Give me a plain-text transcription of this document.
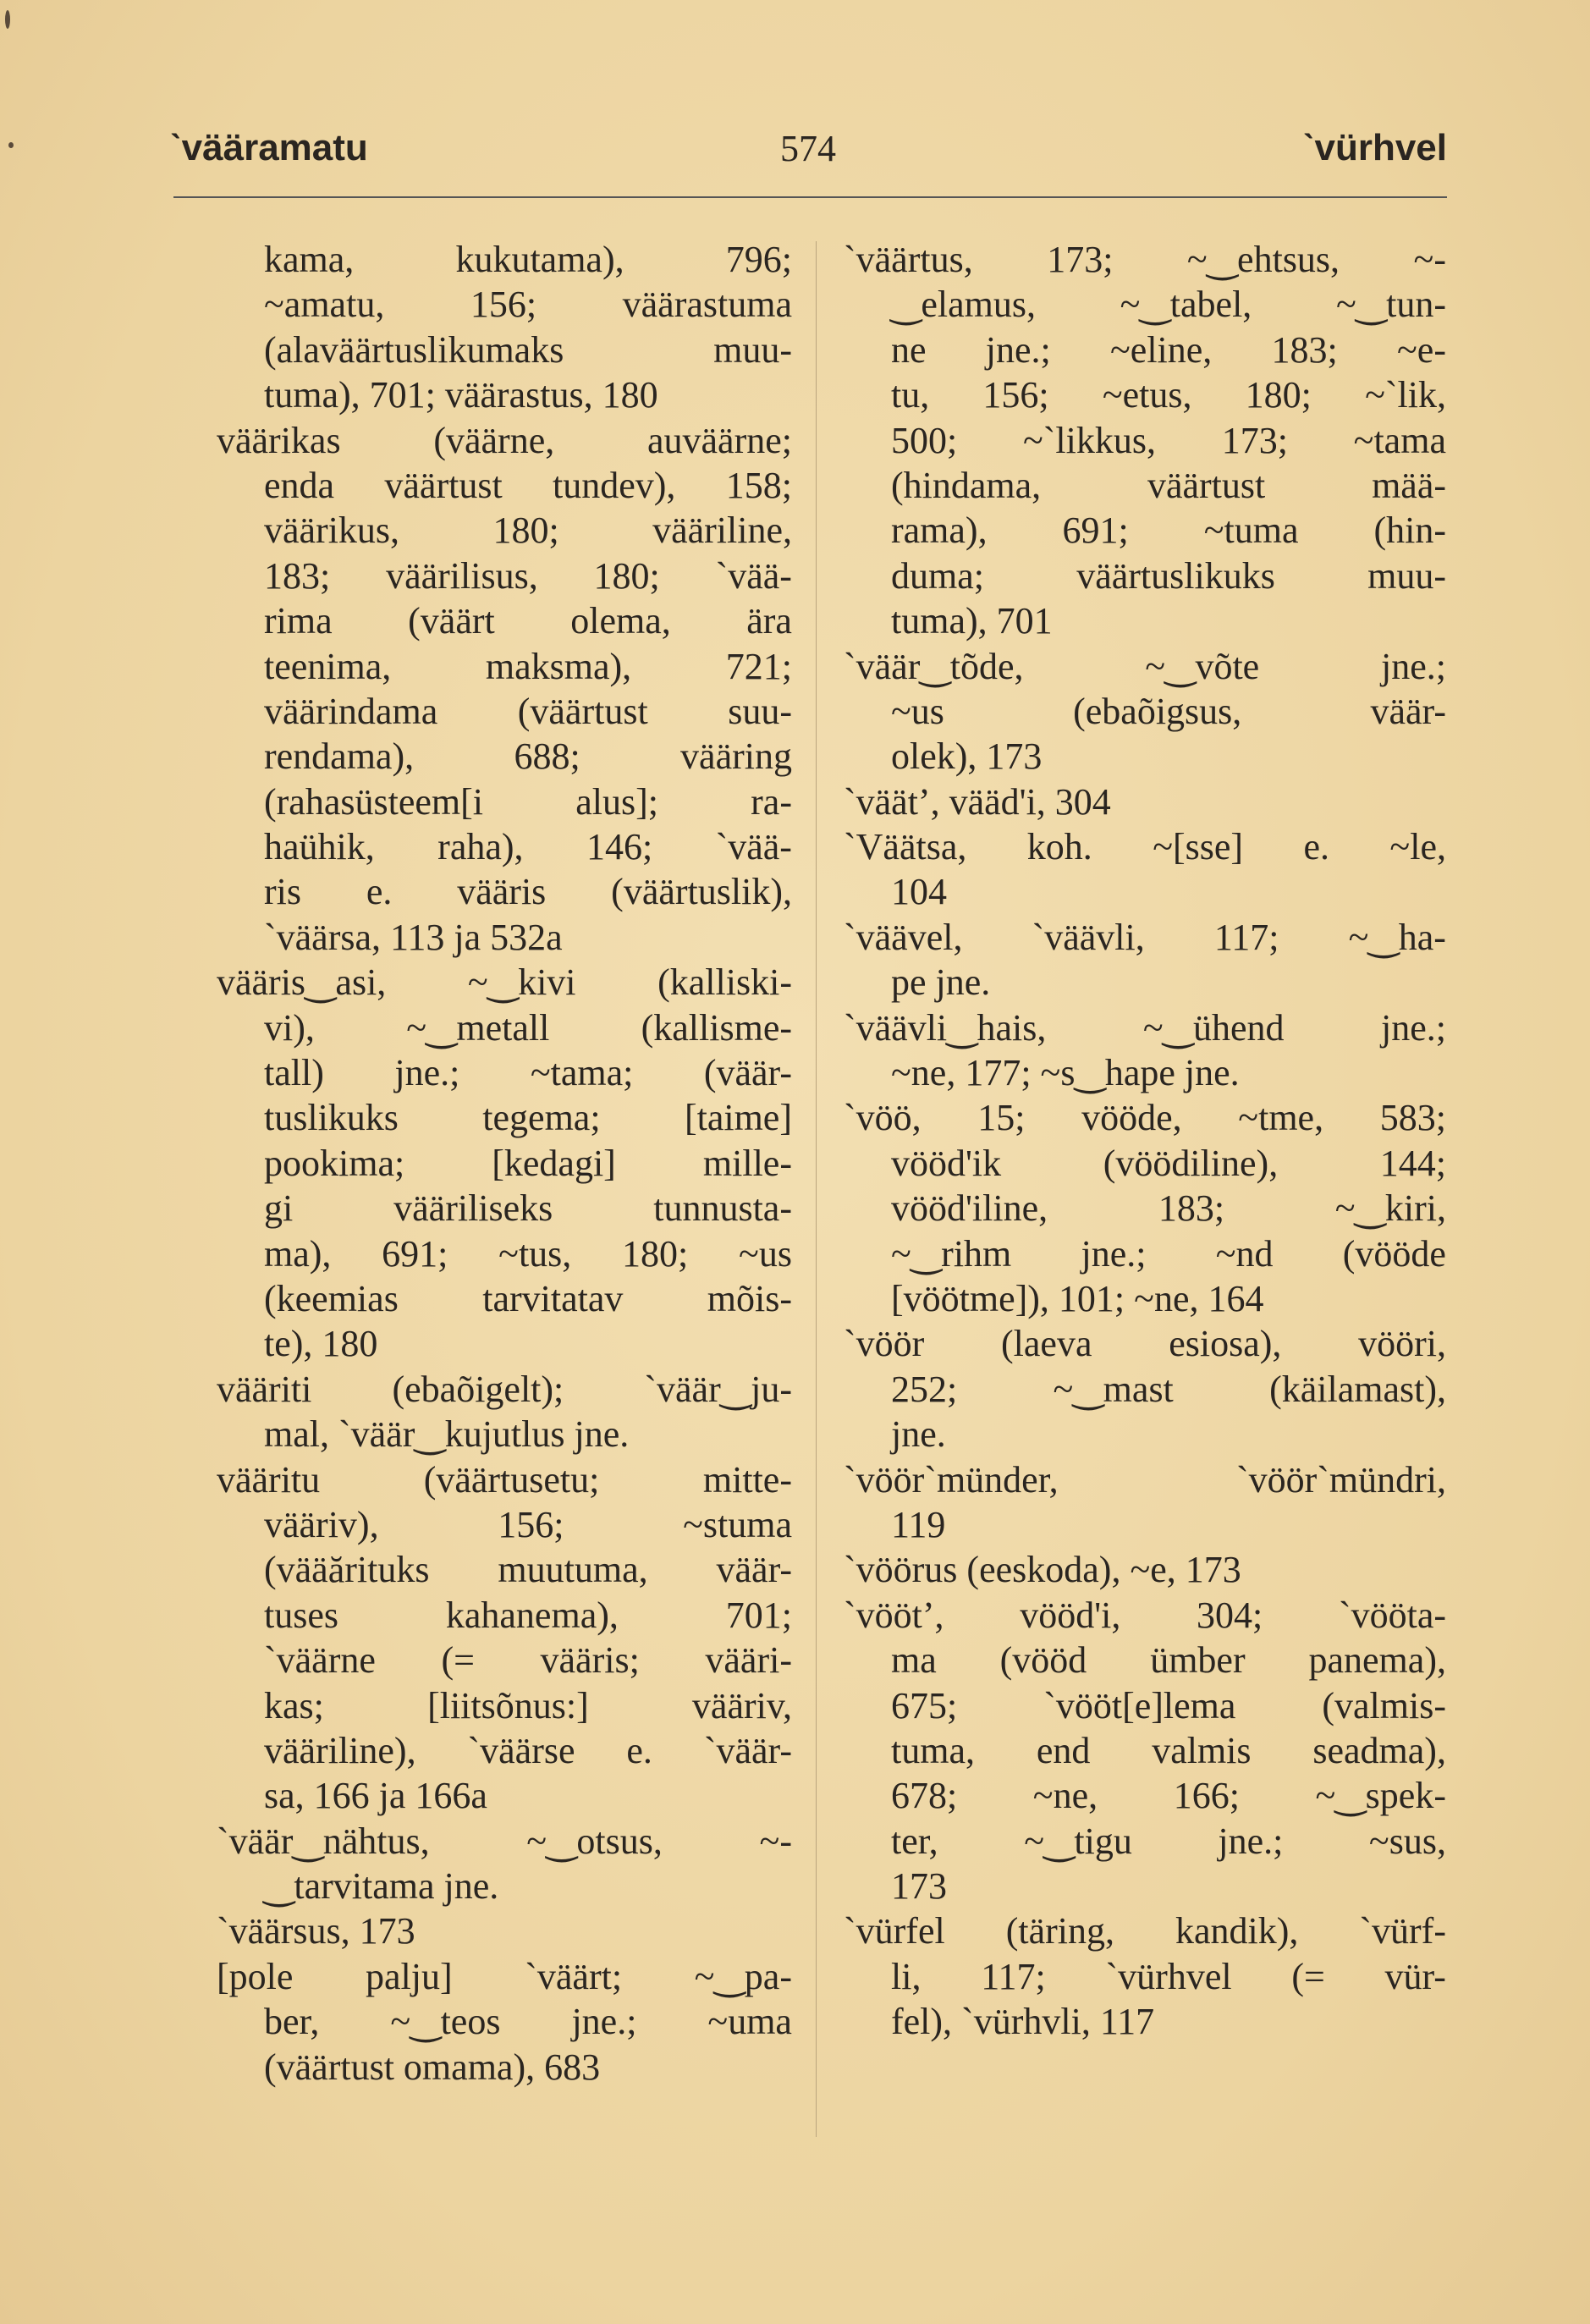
ˋvääramatu	574	ˋvürhvel
kama,	kukutama),	796;
~amatu, 156; väärastuma
(alaväärtuslikumaks	muu-
tuma), 701; väärastus, 180
väärikas (väärne, auväärne;
enda väärtust tundev), 158;
väärikus,	180;	vääriline,
183; väärilisus, 180; ˋvää-
rima (väärt olema, ära
teenima,	maksma),	721;
väärindama (väärtust suu-
rendama),	688;	vääring
(rahasüsteem[i alus]; ra-
haühik, raha), 146; ˋvää-
ris e. vääris (väärtuslik),
ˋväärsa, 113 ja 532a
vääris‿asi, ~‿kivi (kalliski-
vi), ~‿metall (kallisme-
tall) jne.; ~tama; (väär-
tuslikuks tegema; [taime]
pookima; [kedagi] mille-
gi	vääriliseks	tunnusta-
ma), 691; ~tus, 180; ~us
(keemias tarvitatav mõis-
te), 180
vääriti (ebaõigelt); ˋväär‿ju-
mal, ˋväär‿kujutlus jne.
vääritu	(väärtusetu;	mitte-
vääriv),	156;	~stuma
(vääărituks muutuma, väär-
tuses	kahanema),	701;
ˋväärne (= vääris; vääri-
kas;	[liitsõnus:]	vääriv,
vääriline), ˋväärse e. ˋväär-
sa, 166 ja 166a
ˋväär‿nähtus,	~‿otsus,	~-
‿tarvitama jne.
ˋväärsus, 173
[pole palju] ˋväärt; ~‿pa-
ber, ~‿teos jne.; ~uma
(väärtust omama), 683
ˋväärtus, 173; ~‿ehtsus, ~-
‿elamus, ~‿tabel, ~‿tun-
ne jne.; ~eline, 183; ~e-
tu, 156; ~etus, 180; ~ˋlik,
500; ~ˋlikkus, 173; ~tama
(hindama,	väärtust	mää-
rama), 691; ~tuma (hin-
duma; väärtuslikuks muu-
tuma), 701
ˋväär‿tõde,	~‿võte	jne.;
~us	(ebaõigsus,	väär-
olek), 173
ˋväätʼ, vääd'i, 304
ˋVäätsa, koh. ~[sse] e. ~le,
104
ˋväävel, ˋväävli, 117; ~‿ha-
pe jne.
ˋväävli‿hais,	~‿ühend	jne.;
~ne, 177; ~s‿hape jne.
ˋvöö, 15; vööde, ~tme, 583;
vööd'ik	(vöödiline),	144;
vööd'iline,	183;	~‿kiri,
~‿rihm jne.; ~nd (vööde
[vöötme]), 101; ~ne, 164
ˋvöör (laeva esiosa), vööri,
252;	~‿mast	(käilamast),
jne.
ˋvöörˋmünder,	ˋvöörˋmündri,
119
ˋvöörus (eeskoda), ~e, 173
ˋvöötʼ, vööd'i, 304; ˋvööta-
ma (vööd ümber panema),
675; ˋvööt[e]lema (valmis-
tuma, end valmis seadma),
678; ~ne, 166; ~‿spek-
ter, ~‿tigu jne.; ~sus,
173
ˋvürfel (täring, kandik), ˋvürf-
li, 117; ˋvürhvel (= vür-
fel), ˋvürhvli, 117
